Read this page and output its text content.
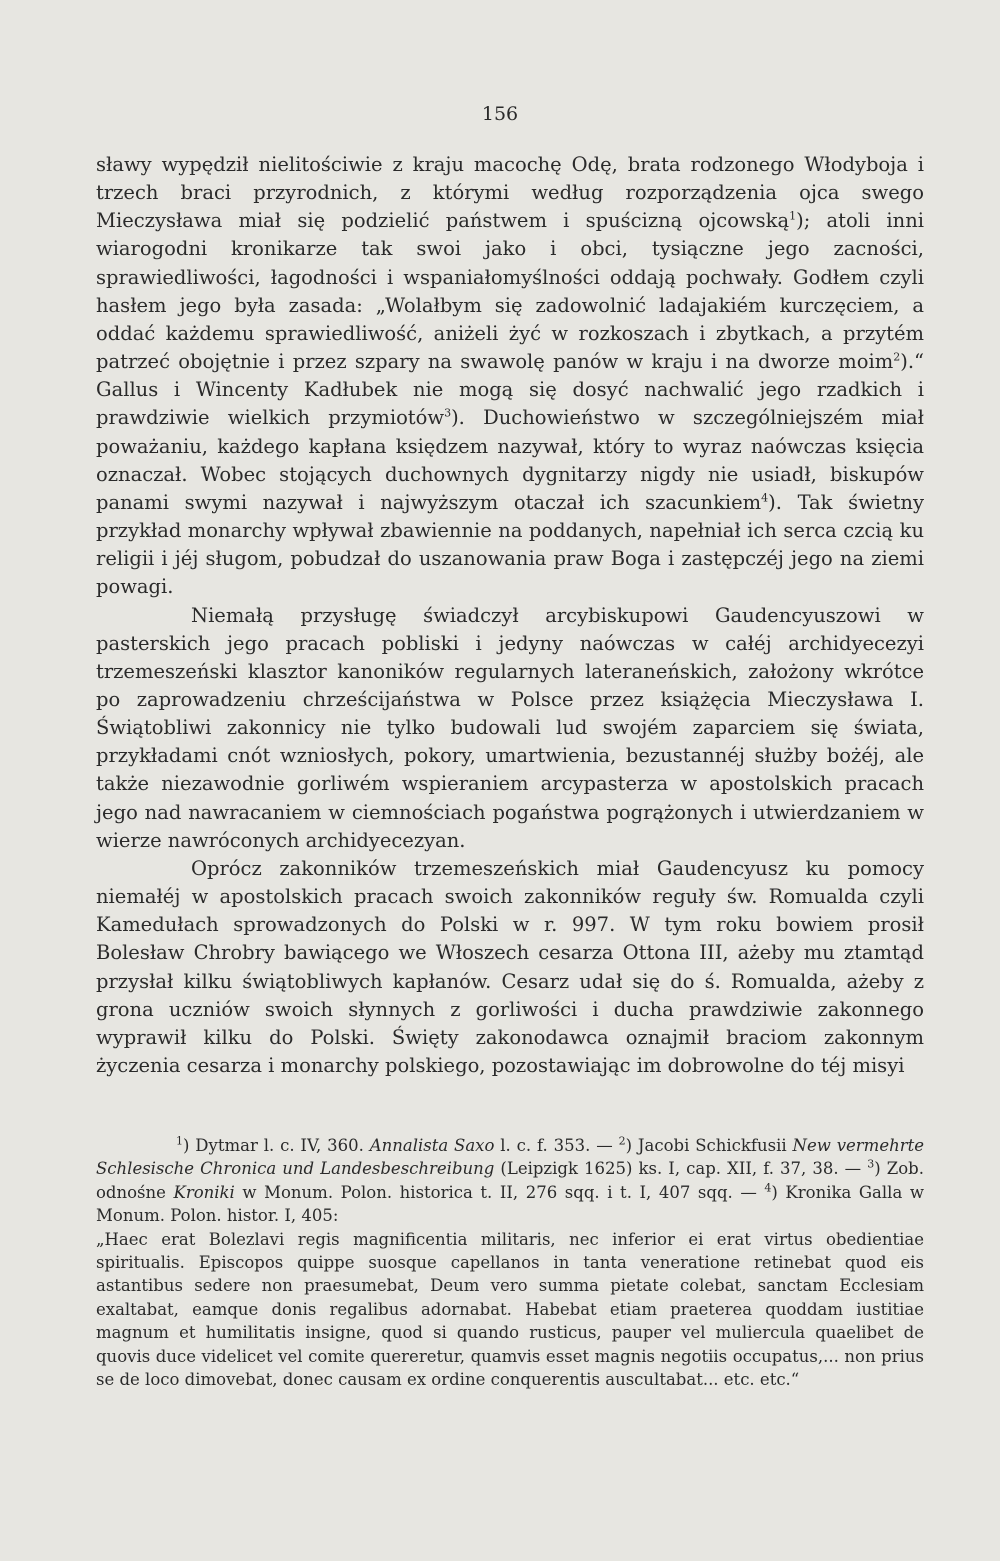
156

sławy wypędził nielitościwie z kraju macochę Odę, brata rodzonego Włodyboja i trzech braci przyrodnich, z którymi według rozporządzenia ojca swego Mieczysława miał się podzielić państwem i spuścizną ojcowską$^1$); atoli inni wiarogodni kronikarze tak swoi jako i obci, tysiączne jego zacności, sprawiedliwości, łagodności i wspaniałomyślności oddają pochwały. Godłem czyli hasłem jego była zasada: „Wolałbym się zadowolnić ladajakiém kurczęciem, a oddać każdemu sprawiedliwość, aniżeli żyć w rozkoszach i zbytkach, a przytém patrzeć obojętnie i przez szpary na swawolę panów w kraju i na dworze moim$^2$).“ Gallus i Wincenty Kadłubek nie mogą się dosyć nachwalić jego rzadkich i prawdziwie wielkich przymiotów$^3$). Duchowieństwo w szczególniejszém miał poważaniu, każdego kapłana księdzem nazywał, który to wyraz naówczas księcia oznaczał. Wobec stojących duchownych dygnitarzy nigdy nie usiadł, biskupów panami swymi nazywał i najwyższym otaczał ich szacunkiem$^4$). Tak świetny przykład monarchy wpływał zbawiennie na poddanych, napełniał ich serca czcią ku religii i jéj sługom, pobudzał do uszanowania praw Boga i zastępczéj jego na ziemi powagi.

Niemałą przysługę świadczył arcybiskupowi Gaudencyuszowi w pasterskich jego pracach pobliski i jedyny naówczas w całéj archidyecezyi trzemeszeński klasztor kanoników regularnych lateraneńskich, założony wkrótce po zaprowadzeniu chrześcijaństwa w Polsce przez książęcia Mieczysława I. Świątobliwi zakonnicy nie tylko budowali lud swojém zaparciem się świata, przykładami cnót wzniosłych, pokory, umartwienia, bezustannéj służby bożéj, ale także niezawodnie gorliwém wspieraniem arcypasterza w apostolskich pracach jego nad nawracaniem w ciemnościach pogaństwa pogrążonych i utwierdzaniem w wierze nawróconych archidyecezyan.

Oprócz zakonników trzemeszeńskich miał Gaudencyusz ku pomocy niemałéj w apostolskich pracach swoich zakonników reguły św. Romualda czyli Kamedułach sprowadzonych do Polski w r. 997. W tym roku bowiem prosił Bolesław Chrobry bawiącego we Włoszech cesarza Ottona III, ażeby mu ztamtąd przysłał kilku świątobliwych kapłanów. Cesarz udał się do ś. Romualda, ażeby z grona uczniów swoich słynnych z gorliwości i ducha prawdziwie zakonnego wyprawił kilku do Polski. Święty zakonodawca oznajmił braciom zakonnym życzenia cesarza i monarchy polskiego, pozostawiając im dobrowolne do téj misyi

$^1$) Dytmar l. c. IV, 360. Annalista Saxo l. c. f. 353. — $^2$) Jacobi Schickfusii New vermehrte Schlesische Chronica und Landesbeschreibung (Leipzigk 1625) ks. I, cap. XII, f. 37, 38. — $^3$) Zob. odnośne Kroniki w Monum. Polon. historica t. II, 276 sqq. i t. I, 407 sqq. — $^4$) Kronika Galla w Monum. Polon. histor. I, 405:

„Haec erat Bolezlavi regis magnificentia militaris, nec inferior ei erat virtus obedientiae spiritualis. Episcopos quippe suosque capellanos in tanta veneratione retinebat quod eis astantibus sedere non praesumebat, Deum vero summa pietate colebat, sanctam Ecclesiam exaltabat, eamque donis regalibus adornabat. Habebat etiam praeterea quoddam iustitiae magnum et humilitatis insigne, quod si quando rusticus, pauper vel muliercula quaelibet de quovis duce videlicet vel comite quereretur, quamvis esset magnis negotiis occupatus,... non prius se de loco dimovebat, donec causam ex ordine conquerentis auscultabat... etc. etc.“
